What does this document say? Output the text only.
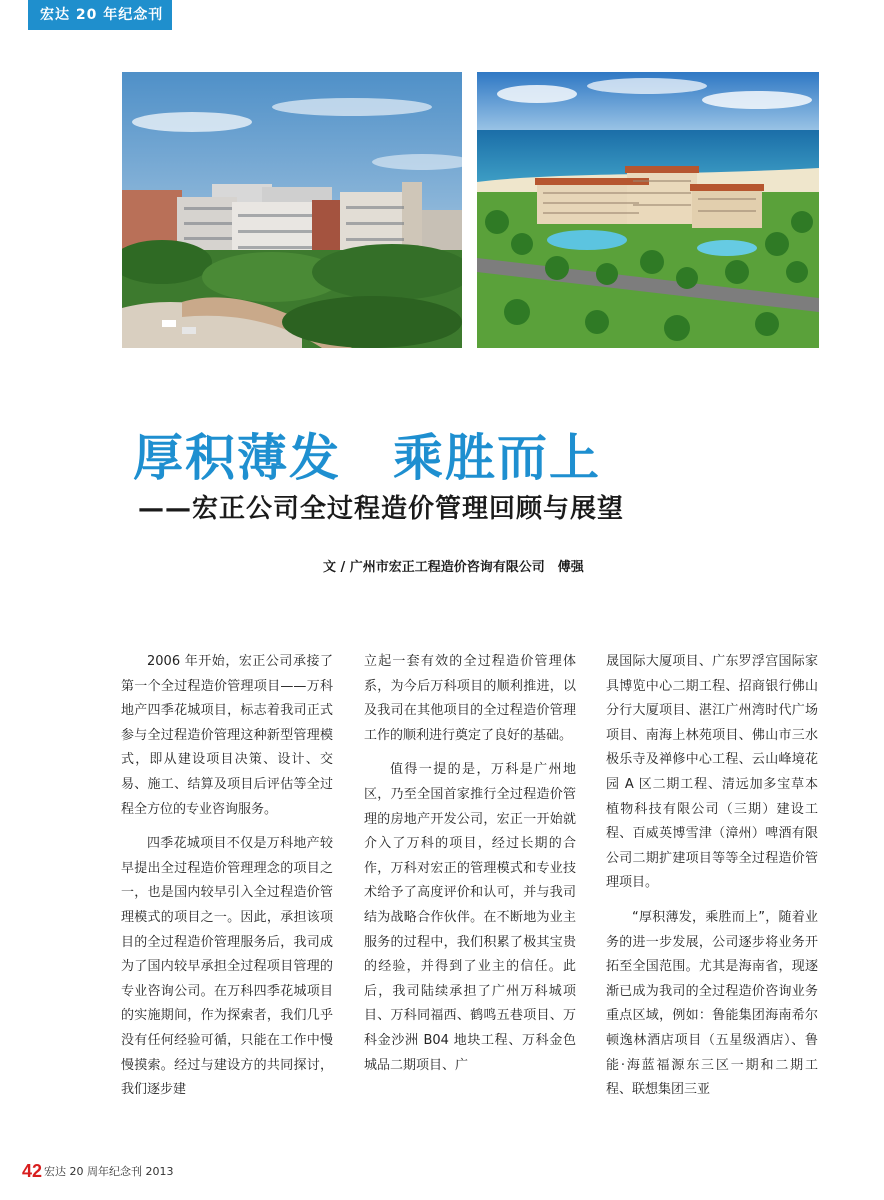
宏达 20 年纪念刊
厚积薄发　乘胜而上
——宏正公司全过程造价管理回顾与展望
文 / 广州市宏正工程造价咨询有限公司　傅强

2006 年开始，宏正公司承接了第一个全过程造价管理项目——万科地产四季花城项目，标志着我司正式参与全过程造价管理这种新型管理模式，即从建设项目决策、设计、交易、施工、结算及项目后评估等全过程全方位的专业咨询服务。

四季花城项目不仅是万科地产较早提出全过程造价管理理念的项目之一，也是国内较早引入全过程造价管理模式的项目之一。因此，承担该项目的全过程造价管理服务后，我司成为了国内较早承担全过程项目管理的专业咨询公司。在万科四季花城项目的实施期间，作为探索者，我们几乎没有任何经验可循，只能在工作中慢慢摸索。经过与建设方的共同探讨，我们逐步建

立起一套有效的全过程造价管理体系，为今后万科项目的顺利推进，以及我司在其他项目的全过程造价管理工作的顺利进行奠定了良好的基础。

值得一提的是，万科是广州地区，乃至全国首家推行全过程造价管理的房地产开发公司，宏正一开始就介入了万科的项目，经过长期的合作，万科对宏正的管理模式和专业技术给予了高度评价和认可，并与我司结为战略合作伙伴。在不断地为业主服务的过程中，我们积累了极其宝贵的经验，并得到了业主的信任。此后，我司陆续承担了广州万科城项目、万科同福西、鹤鸣五巷项目、万科金沙洲 B04 地块工程、万科金色城品二期项目、广

晟国际大厦项目、广东罗浮宫国际家具博览中心二期工程、招商银行佛山分行大厦项目、湛江广州湾时代广场项目、南海上林苑项目、佛山市三水极乐寺及禅修中心工程、云山峰境花园 A 区二期工程、清远加多宝草本植物科技有限公司（三期）建设工程、百威英博雪津（漳州）啤酒有限公司二期扩建项目等等全过程造价管理项目。

“厚积薄发，乘胜而上”，随着业务的进一步发展，公司逐步将业务开拓至全国范围。尤其是海南省，现逐渐已成为我司的全过程造价咨询业务重点区域，例如：鲁能集团海南希尔顿逸林酒店项目（五星级酒店）、鲁能·海蓝福源东三区一期和二期工程、联想集团三亚

42 宏达 20 周年纪念刊 2013
